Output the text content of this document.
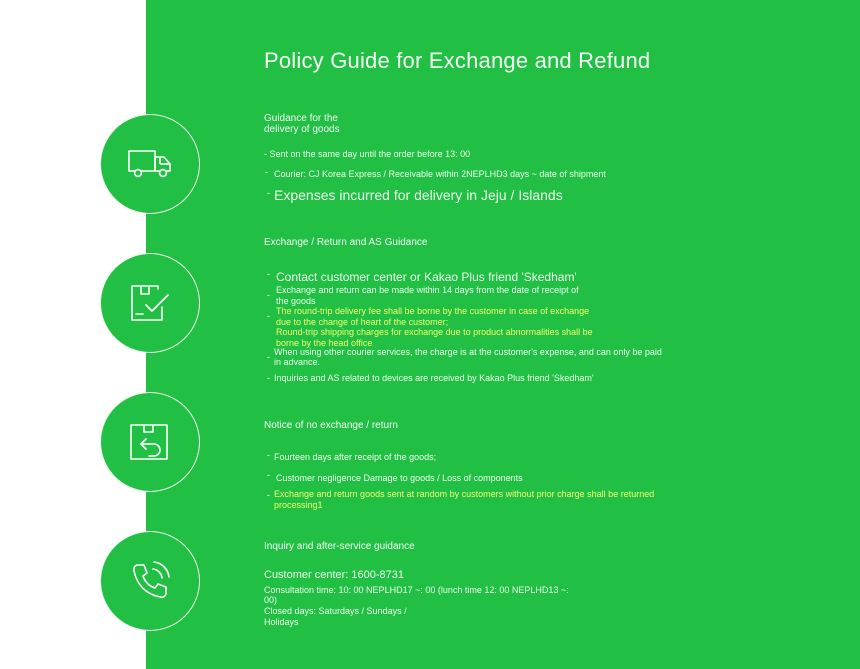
Policy Guide for Exchange and Refund
Guidance for the
delivery of goods
- Sent on the same day until the order before 13: 00
- Courier: CJ Korea Express / Receivable within 2NEPLHD3 days ~ date of shipment
- Expenses incurred for delivery in Jeju / Islands
Exchange / Return and AS Guidance
- Contact customer center or Kakao Plus friend 'Skedham'
- Exchange and return can be made within 14 days from the date of receipt of
the goods
- The round-trip delivery fee shall be borne by the customer in case of exchange
due to the change of heart of the customer;
Round-trip shipping charges for exchange due to product abnormalities shall be
borne by the head office
- When using other courier services, the charge is at the customer's expense, and can only be paid
in advance.
- Inquiries and AS related to devices are received by Kakao Plus friend 'Skedham'
Notice of no exchange / return
- Fourteen days after receipt of the goods;
- Customer negligence Damage to goods / Loss of components
- Exchange and return goods sent at random by customers without prior charge shall be returned
processing1
Inquiry and after-service guidance
Customer center: 1600-8731
Consultation time: 10: 00 NEPLHD17 ~: 00 (lunch time 12: 00 NEPLHD13 ~:
00)
Closed days: Saturdays / Sundays /
Holidays
